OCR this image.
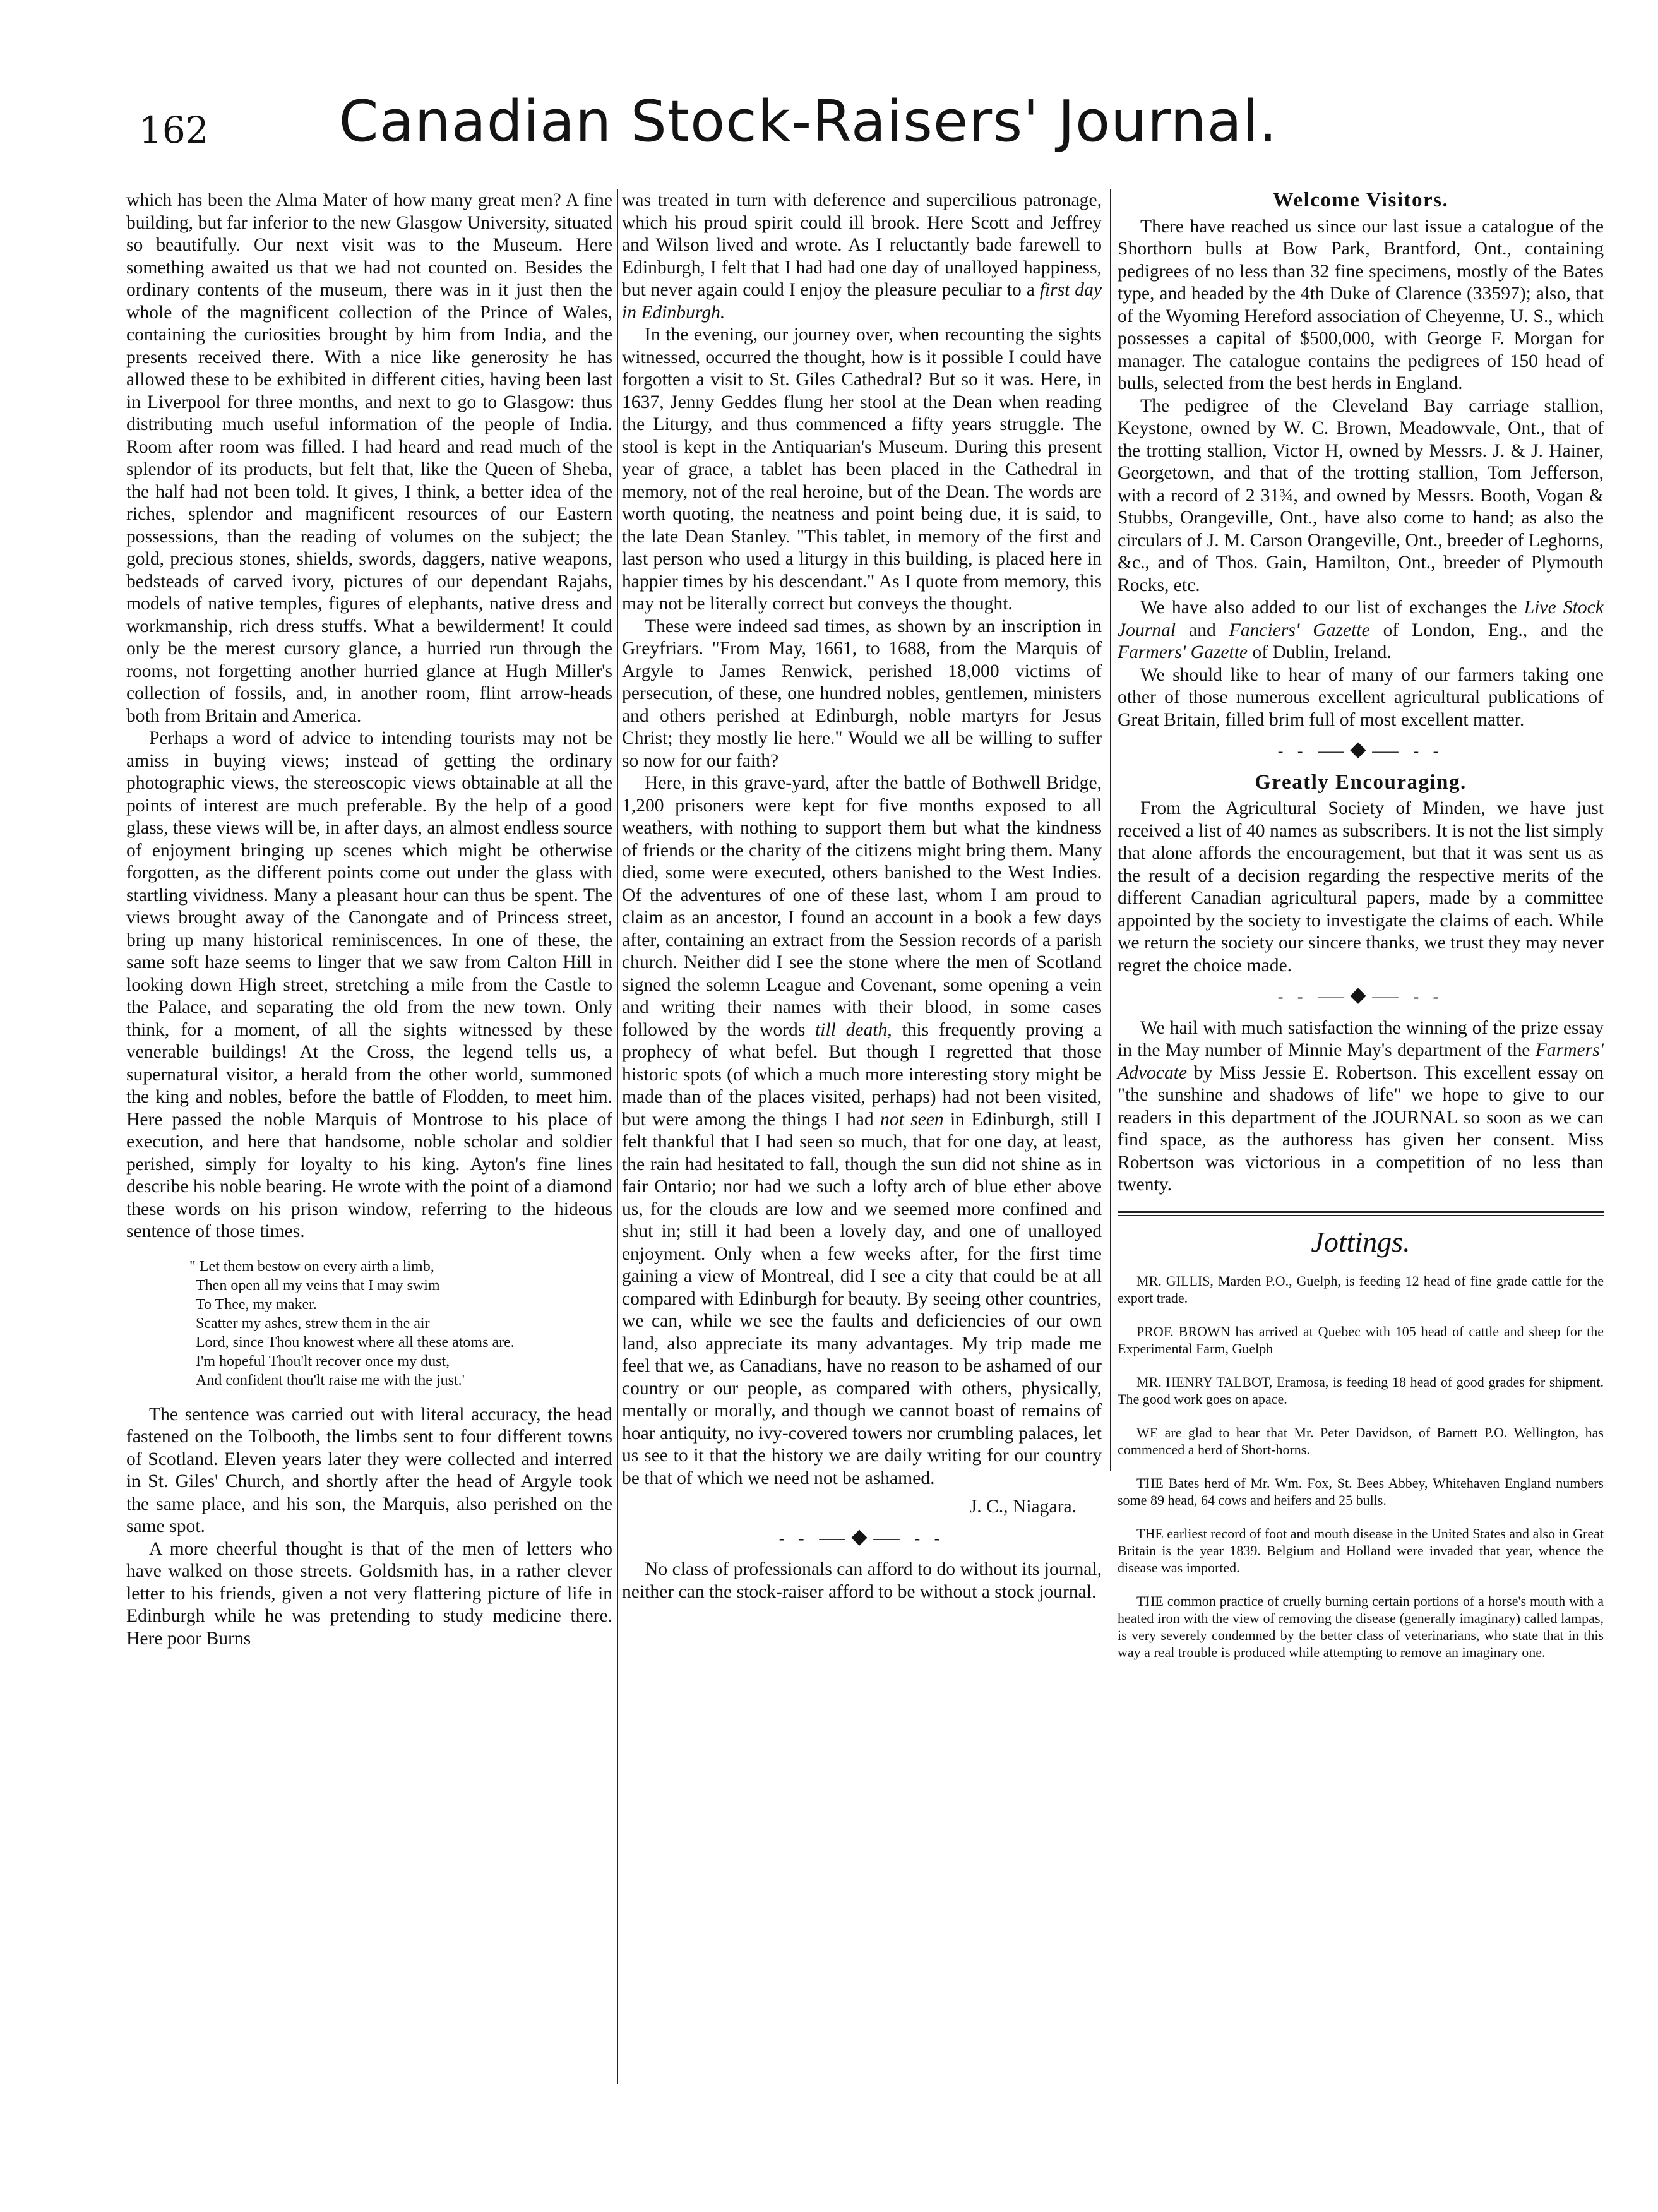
162	Canadian Stock-Raisers' Journal.

which has been the Alma Mater of how many great men? A fine building, but far inferior to the new Glasgow University, situated so beautifully. Our next visit was to the Museum. Here something awaited us that we had not counted on. Besides the ordinary contents of the museum, there was in it just then the whole of the magnificent collection of the Prince of Wales, containing the curiosities brought by him from India, and the presents received there. With a nice like generosity he has allowed these to be exhibited in different cities, having been last in Liverpool for three months, and next to go to Glasgow: thus distributing much useful information of the people of India. Room after room was filled. I had heard and read much of the splendor of its products, but felt that, like the Queen of Sheba, the half had not been told. It gives, I think, a better idea of the riches, splendor and magnificent resources of our Eastern possessions, than the reading of volumes on the subject; the gold, precious stones, shields, swords, daggers, native weapons, bedsteads of carved ivory, pictures of our dependant Rajahs, models of native temples, figures of elephants, native dress and workmanship, rich dress stuffs. What a bewilderment! It could only be the merest cursory glance, a hurried run through the rooms, not forgetting another hurried glance at Hugh Miller's collection of fossils, and, in another room, flint arrow-heads both from Britain and America.

Perhaps a word of advice to intending tourists may not be amiss in buying views; instead of getting the ordinary photographic views, the stereoscopic views obtainable at all the points of interest are much preferable. By the help of a good glass, these views will be, in after days, an almost endless source of enjoyment bringing up scenes which might be otherwise forgotten, as the different points come out under the glass with startling vividness. Many a pleasant hour can thus be spent. The views brought away of the Canongate and of Princess street, bring up many historical reminiscences. In one of these, the same soft haze seems to linger that we saw from Calton Hill in looking down High street, stretching a mile from the Castle to the Palace, and separating the old from the new town. Only think, for a moment, of all the sights witnessed by these venerable buildings! At the Cross, the legend tells us, a supernatural visitor, a herald from the other world, summoned the king and nobles, before the battle of Flodden, to meet him. Here passed the noble Marquis of Montrose to his place of execution, and here that handsome, noble scholar and soldier perished, simply for loyalty to his king. Ayton's fine lines describe his noble bearing. He wrote with the point of a diamond these words on his prison window, referring to the hideous sentence of those times.

" Let them bestow on every airth a limb,
Then open all my veins that I may swim
To Thee, my maker.
Scatter my ashes, strew them in the air
Lord, since Thou knowest where all these atoms are.
I'm hopeful Thou'lt recover once my dust,
And confident thou'lt raise me with the just.'

The sentence was carried out with literal accuracy, the head fastened on the Tolbooth, the limbs sent to four different towns of Scotland. Eleven years later they were collected and interred in St. Giles' Church, and shortly after the head of Argyle took the same place, and his son, the Marquis, also perished on the same spot.

A more cheerful thought is that of the men of letters who have walked on those streets. Goldsmith has, in a rather clever letter to his friends, given a not very flattering picture of life in Edinburgh while he was pretending to study medicine there. Here poor Burns

was treated in turn with deference and supercilious patronage, which his proud spirit could ill brook. Here Scott and Jeffrey and Wilson lived and wrote. As I reluctantly bade farewell to Edinburgh, I felt that I had had one day of unalloyed happiness, but never again could I enjoy the pleasure peculiar to a first day in Edinburgh.

In the evening, our journey over, when recounting the sights witnessed, occurred the thought, how is it possible I could have forgotten a visit to St. Giles Cathedral? But so it was. Here, in 1637, Jenny Geddes flung her stool at the Dean when reading the Liturgy, and thus commenced a fifty years struggle. The stool is kept in the Antiquarian's Museum. During this present year of grace, a tablet has been placed in the Cathedral in memory, not of the real heroine, but of the Dean. The words are worth quoting, the neatness and point being due, it is said, to the late Dean Stanley. "This tablet, in memory of the first and last person who used a liturgy in this building, is placed here in happier times by his descendant." As I quote from memory, this may not be literally correct but conveys the thought.

These were indeed sad times, as shown by an inscription in Greyfriars. "From May, 1661, to 1688, from the Marquis of Argyle to James Renwick, perished 18,000 victims of persecution, of these, one hundred nobles, gentlemen, ministers and others perished at Edinburgh, noble martyrs for Jesus Christ; they mostly lie here." Would we all be willing to suffer so now for our faith?

Here, in this grave-yard, after the battle of Bothwell Bridge, 1,200 prisoners were kept for five months exposed to all weathers, with nothing to support them but what the kindness of friends or the charity of the citizens might bring them. Many died, some were executed, others banished to the West Indies. Of the adventures of one of these last, whom I am proud to claim as an ancestor, I found an account in a book a few days after, containing an extract from the Session records of a parish church. Neither did I see the stone where the men of Scotland signed the solemn League and Covenant, some opening a vein and writing their names with their blood, in some cases followed by the words till death, this frequently proving a prophecy of what befel. But though I regretted that those historic spots (of which a much more interesting story might be made than of the places visited, perhaps) had not been visited, but were among the things I had not seen in Edinburgh, still I felt thankful that I had seen so much, that for one day, at least, the rain had hesitated to fall, though the sun did not shine as in fair Ontario; nor had we such a lofty arch of blue ether above us, for the clouds are low and we seemed more confined and shut in; still it had been a lovely day, and one of unalloyed enjoyment. Only when a few weeks after, for the first time gaining a view of Montreal, did I see a city that could be at all compared with Edinburgh for beauty. By seeing other countries, we can, while we see the faults and deficiencies of our own land, also appreciate its many advantages. My trip made me feel that we, as Canadians, have no reason to be ashamed of our country or our people, as compared with others, physically, mentally or morally, and though we cannot boast of remains of hoar antiquity, no ivy-covered towers nor crumbling palaces, let us see to it that the history we are daily writing for our country be that of which we need not be ashamed.

J. C., Niagara.
- - ⸺◆⸺ - -

No class of professionals can afford to do without its journal, neither can the stock-raiser afford to be without a stock journal.

Welcome Visitors.

There have reached us since our last issue a catalogue of the Shorthorn bulls at Bow Park, Brantford, Ont., containing pedigrees of no less than 32 fine specimens, mostly of the Bates type, and headed by the 4th Duke of Clarence (33597); also, that of the Wyoming Hereford association of Cheyenne, U. S., which possesses a capital of $500,000, with George F. Morgan for manager. The catalogue contains the pedigrees of 150 head of bulls, selected from the best herds in England.

The pedigree of the Cleveland Bay carriage stallion, Keystone, owned by W. C. Brown, Meadowvale, Ont., that of the trotting stallion, Victor H, owned by Messrs. J. & J. Hainer, Georgetown, and that of the trotting stallion, Tom Jefferson, with a record of 2 31¾, and owned by Messrs. Booth, Vogan & Stubbs, Orangeville, Ont., have also come to hand; as also the circulars of J. M. Carson Orangeville, Ont., breeder of Leghorns, &c., and of Thos. Gain, Hamilton, Ont., breeder of Plymouth Rocks, etc.

We have also added to our list of exchanges the Live Stock Journal and Fanciers' Gazette of London, Eng., and the Farmers' Gazette of Dublin, Ireland.

We should like to hear of many of our farmers taking one other of those numerous excellent agricultural publications of Great Britain, filled brim full of most excellent matter.

- - ⸺◆⸺ - -
Greatly Encouraging.

From the Agricultural Society of Minden, we have just received a list of 40 names as subscribers. It is not the list simply that alone affords the encouragement, but that it was sent us as the result of a decision regarding the respective merits of the different Canadian agricultural papers, made by a committee appointed by the society to investigate the claims of each. While we return the society our sincere thanks, we trust they may never regret the choice made.

- - ⸺◆⸺ - -

We hail with much satisfaction the winning of the prize essay in the May number of Minnie May's department of the Farmers' Advocate by Miss Jessie E. Robertson. This excellent essay on "the sunshine and shadows of life" we hope to give to our readers in this department of the JOURNAL so soon as we can find space, as the authoress has given her consent. Miss Robertson was victorious in a competition of no less than twenty.

Jottings.

MR. GILLIS, Marden P.O., Guelph, is feeding 12 head of fine grade cattle for the export trade.

PROF. BROWN has arrived at Quebec with 105 head of cattle and sheep for the Experimental Farm, Guelph

MR. HENRY TALBOT, Eramosa, is feeding 18 head of good grades for shipment. The good work goes on apace.

WE are glad to hear that Mr. Peter Davidson, of Barnett P.O. Wellington, has commenced a herd of Short-horns.

THE Bates herd of Mr. Wm. Fox, St. Bees Abbey, Whitehaven England numbers some 89 head, 64 cows and heifers and 25 bulls.

THE earliest record of foot and mouth disease in the United States and also in Great Britain is the year 1839. Belgium and Holland were invaded that year, whence the disease was imported.

THE common practice of cruelly burning certain portions of a horse's mouth with a heated iron with the view of removing the disease (generally imaginary) called lampas, is very severely condemned by the better class of veterinarians, who state that in this way a real trouble is produced while attempting to remove an imaginary one.
